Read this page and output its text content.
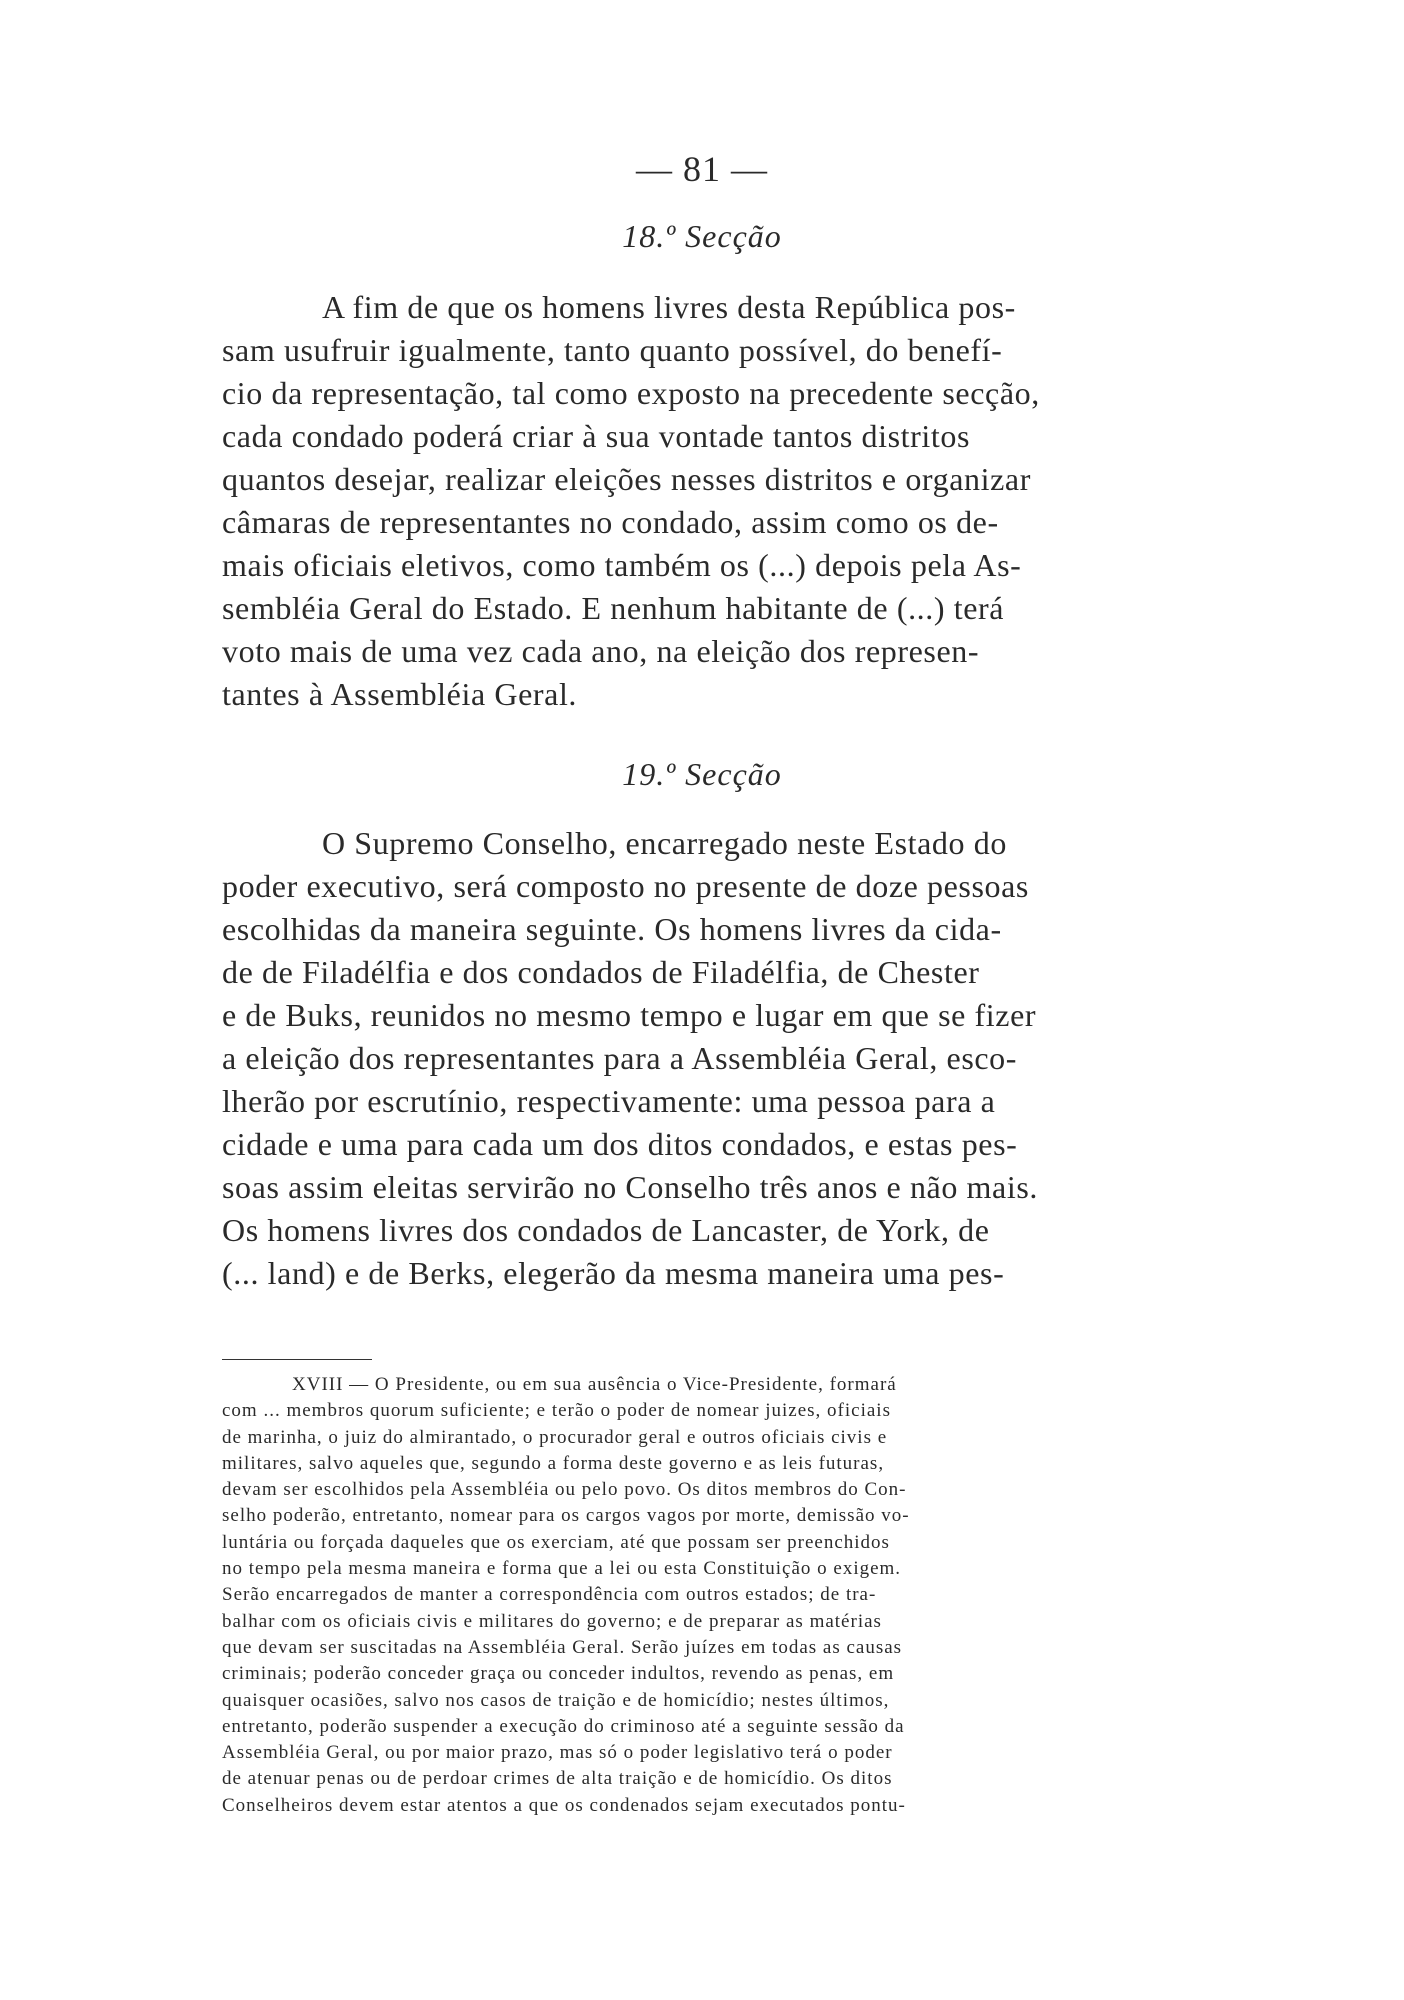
— 81 —
18.º Secção

A fim de que os homens livres desta República pos-
sam usufruir igualmente, tanto quanto possível, do benefí-
cio da representação, tal como exposto na precedente secção,
cada condado poderá criar à sua vontade tantos distritos
quantos desejar, realizar eleições nesses distritos e organizar
câmaras de representantes no condado, assim como os de-
mais oficiais eletivos, como também os (...) depois pela As-
sembléia Geral do Estado. E nenhum habitante de (...) terá
voto mais de uma vez cada ano, na eleição dos represen-
tantes à Assembléia Geral.

19.º Secção

O Supremo Conselho, encarregado neste Estado do
poder executivo, será composto no presente de doze pessoas
escolhidas da maneira seguinte. Os homens livres da cida-
de de Filadélfia e dos condados de Filadélfia, de Chester
e de Buks, reunidos no mesmo tempo e lugar em que se fizer
a eleição dos representantes para a Assembléia Geral, esco-
lherão por escrutínio, respectivamente: uma pessoa para a
cidade e uma para cada um dos ditos condados, e estas pes-
soas assim eleitas servirão no Conselho três anos e não mais.
Os homens livres dos condados de Lancaster, de York, de
(... land) e de Berks, elegerão da mesma maneira uma pes-

XVIII — O Presidente, ou em sua ausência o Vice-Presidente, formará
com ... membros quorum suficiente; e terão o poder de nomear juizes, oficiais
de marinha, o juiz do almirantado, o procurador geral e outros oficiais civis e
militares, salvo aqueles que, segundo a forma deste governo e as leis futuras,
devam ser escolhidos pela Assembléia ou pelo povo. Os ditos membros do Con-
selho poderão, entretanto, nomear para os cargos vagos por morte, demissão vo-
luntária ou forçada daqueles que os exerciam, até que possam ser preenchidos
no tempo pela mesma maneira e forma que a lei ou esta Constituição o exigem.
Serão encarregados de manter a correspondência com outros estados; de tra-
balhar com os oficiais civis e militares do governo; e de preparar as matérias
que devam ser suscitadas na Assembléia Geral. Serão juízes em todas as causas
criminais; poderão conceder graça ou conceder indultos, revendo as penas, em
quaisquer ocasiões, salvo nos casos de traição e de homicídio; nestes últimos,
entretanto, poderão suspender a execução do criminoso até a seguinte sessão da
Assembléia Geral, ou por maior prazo, mas só o poder legislativo terá o poder
de atenuar penas ou de perdoar crimes de alta traição e de homicídio. Os ditos
Conselheiros devem estar atentos a que os condenados sejam executados pontu-
